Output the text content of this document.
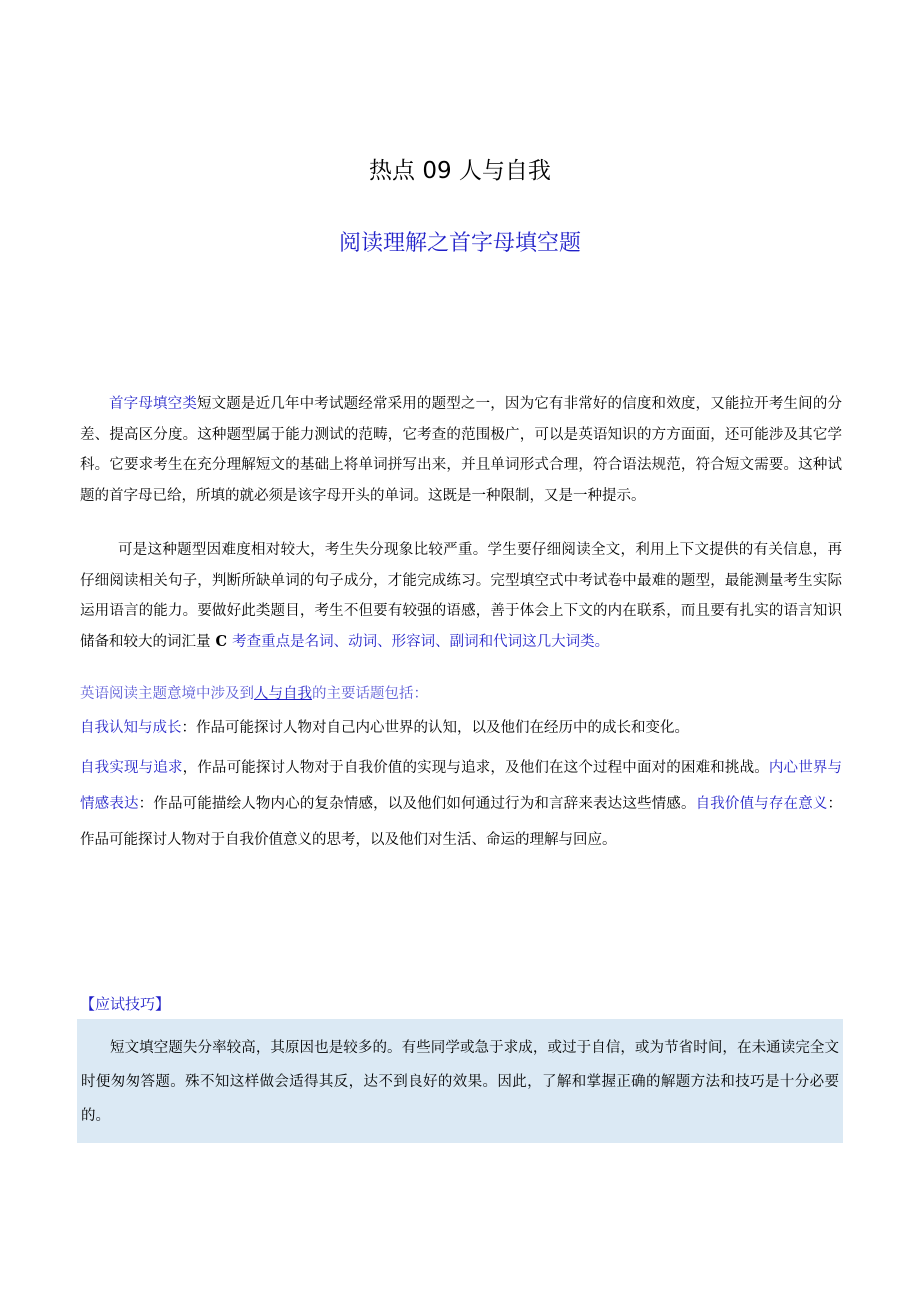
热点 09 人与自我
阅读理解之首字母填空题
首字母填空类短文题是近几年中考试题经常采用的题型之一，因为它有非常好的信度和效度，又能拉开考生间的分差、提高区分度。这种题型属于能力测试的范畴，它考查的范围极广，可以是英语知识的方方面面，还可能涉及其它学科。它要求考生在充分理解短文的基础上将单词拼写出来，并且单词形式合理，符合语法规范，符合短文需要。这种试题的首字母已给，所填的就必须是该字母开头的单词。这既是一种限制，又是一种提示。
可是这种题型因难度相对较大，考生失分现象比较严重。学生要仔细阅读全文，利用上下文提供的有关信息，再仔细阅读相关句子，判断所缺单词的句子成分，才能完成练习。完型填空式中考试卷中最难的题型，最能测量考生实际运用语言的能力。要做好此类题目，考生不但要有较强的语感，善于体会上下文的内在联系，而且要有扎实的语言知识储备和较大的词汇量 C 考查重点是名词、动词、形容词、副词和代词这几大词类。
英语阅读主题意境中涉及到人与自我的主要话题包括：
自我认知与成长：作品可能探讨人物对自己内心世界的认知，以及他们在经历中的成长和变化。
自我实现与追求，作品可能探讨人物对于自我价值的实现与追求，及他们在这个过程中面对的困难和挑战。内心世界与情感表达：作品可能描绘人物内心的复杂情感，以及他们如何通过行为和言辞来表达这些情感。自我价值与存在意义：作品可能探讨人物对于自我价值意义的思考，以及他们对生活、命运的理解与回应。
【应试技巧】

短文填空题失分率较高，其原因也是较多的。有些同学或急于求成，或过于自信，或为节省时间，在未通读完全文时便匆匆答题。殊不知这样做会适得其反，达不到良好的效果。因此，了解和掌握正确的解题方法和技巧是十分必要的。
